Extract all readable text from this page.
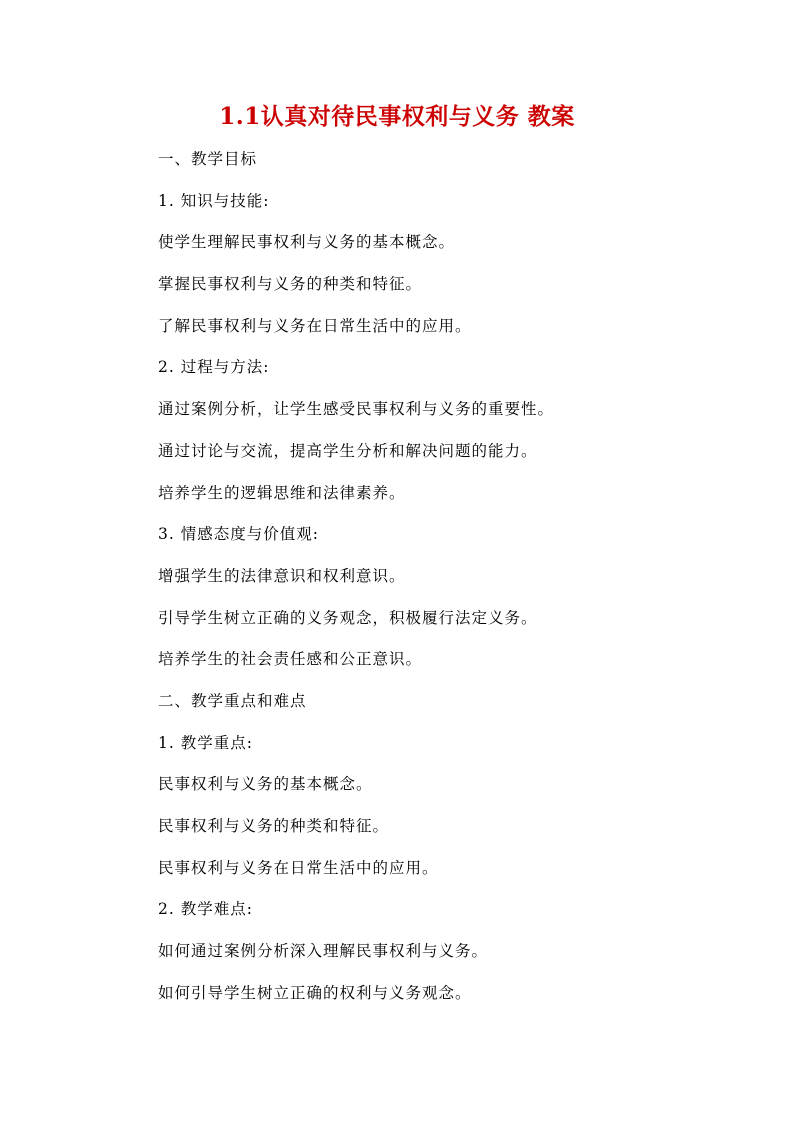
1.1认真对待民事权利与义务 教案
一、教学目标
1. 知识与技能:
使学生理解民事权利与义务的基本概念。
掌握民事权利与义务的种类和特征。
了解民事权利与义务在日常生活中的应用。
2. 过程与方法:
通过案例分析，让学生感受民事权利与义务的重要性。
通过讨论与交流，提高学生分析和解决问题的能力。
培养学生的逻辑思维和法律素养。
3. 情感态度与价值观:
增强学生的法律意识和权利意识。
引导学生树立正确的义务观念，积极履行法定义务。
培养学生的社会责任感和公正意识。
二、教学重点和难点
1. 教学重点:
民事权利与义务的基本概念。
民事权利与义务的种类和特征。
民事权利与义务在日常生活中的应用。
2. 教学难点:
如何通过案例分析深入理解民事权利与义务。
如何引导学生树立正确的权利与义务观念。
